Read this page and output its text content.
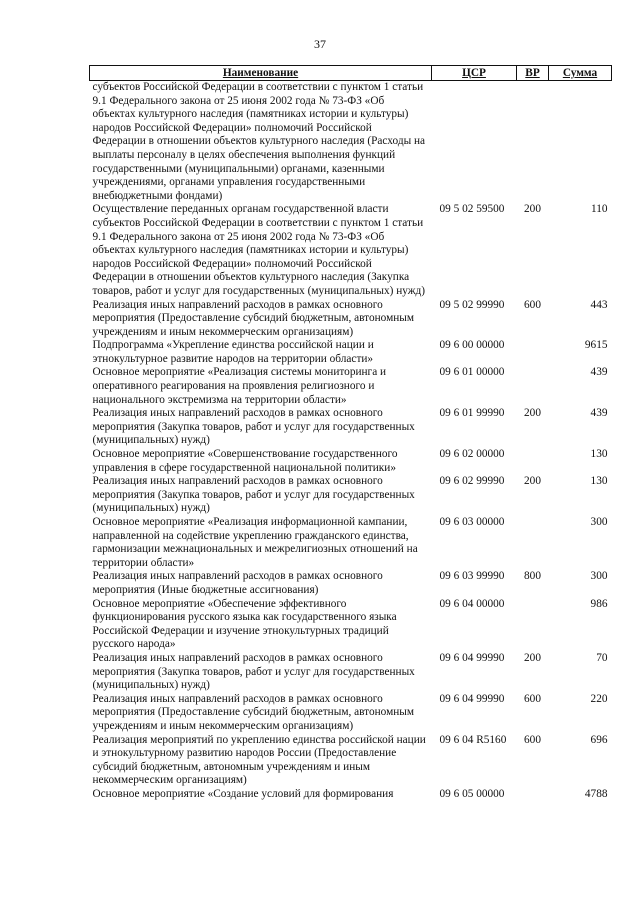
37
Наименование	ЦСР	ВР	Сумма
субъектов Российской Федерации в соответствии с пунктом 1 статьи 9.1 Федерального закона от 25 июня 2002 года № 73-ФЗ «Об объектах культурного наследия (памятниках истории и культуры) народов Российской Федерации» полномочий Российской Федерации в отношении объектов культурного наследия (Расходы на выплаты персоналу в целях обеспечения выполнения функций государственными (муниципальными) органами, казенными учреждениями, органами управления государственными внебюджетными фондами)			
Осуществление переданных органам государственной власти субъектов Российской Федерации в соответствии с пунктом 1 статьи 9.1 Федерального закона от 25 июня 2002 года № 73-ФЗ «Об объектах культурного наследия (памятниках истории и культуры) народов Российской Федерации» полномочий Российской Федерации в отношении объектов культурного наследия (Закупка товаров, работ и услуг для государственных (муниципальных) нужд)	09 5 02 59500	200	110
Реализация иных направлений расходов в рамках основного мероприятия (Предоставление субсидий бюджетным, автономным учреждениям и иным некоммерческим организациям)	09 5 02 99990	600	443
Подпрограмма «Укрепление единства российской нации и этнокультурное развитие народов на территории области»	09 6 00 00000		9615
Основное мероприятие «Реализация системы мониторинга и оперативного реагирования на проявления религиозного и национального экстремизма на территории области»	09 6 01 00000		439
Реализация иных направлений расходов в рамках основного мероприятия (Закупка товаров, работ и услуг для государственных (муниципальных) нужд)	09 6 01 99990	200	439
Основное мероприятие «Совершенствование государственного управления в сфере государственной национальной политики»	09 6 02 00000		130
Реализация иных направлений расходов в рамках основного мероприятия (Закупка товаров, работ и услуг для государственных (муниципальных) нужд)	09 6 02 99990	200	130
Основное мероприятие «Реализация информационной кампании, направленной на содействие укреплению гражданского единства, гармонизации межнациональных и межрелигиозных отношений на территории области»	09 6 03 00000		300
Реализация иных направлений расходов в рамках основного мероприятия (Иные бюджетные ассигнования)	09 6 03 99990	800	300
Основное мероприятие «Обеспечение эффективного функционирования русского языка как государственного языка Российской Федерации и изучение этнокультурных традиций русского народа»	09 6 04 00000		986
Реализация иных направлений расходов в рамках основного мероприятия (Закупка товаров, работ и услуг для государственных (муниципальных) нужд)	09 6 04 99990	200	70
Реализация иных направлений расходов в рамках основного мероприятия (Предоставление субсидий бюджетным, автономным учреждениям и иным некоммерческим организациям)	09 6 04 99990	600	220
Реализация мероприятий по укреплению единства российской нации и этнокультурному развитию народов России (Предоставление субсидий бюджетным, автономным учреждениям и иным некоммерческим организациям)	09 6 04 R5160	600	696
Основное мероприятие «Создание условий для формирования	09 6 05 00000		4788
